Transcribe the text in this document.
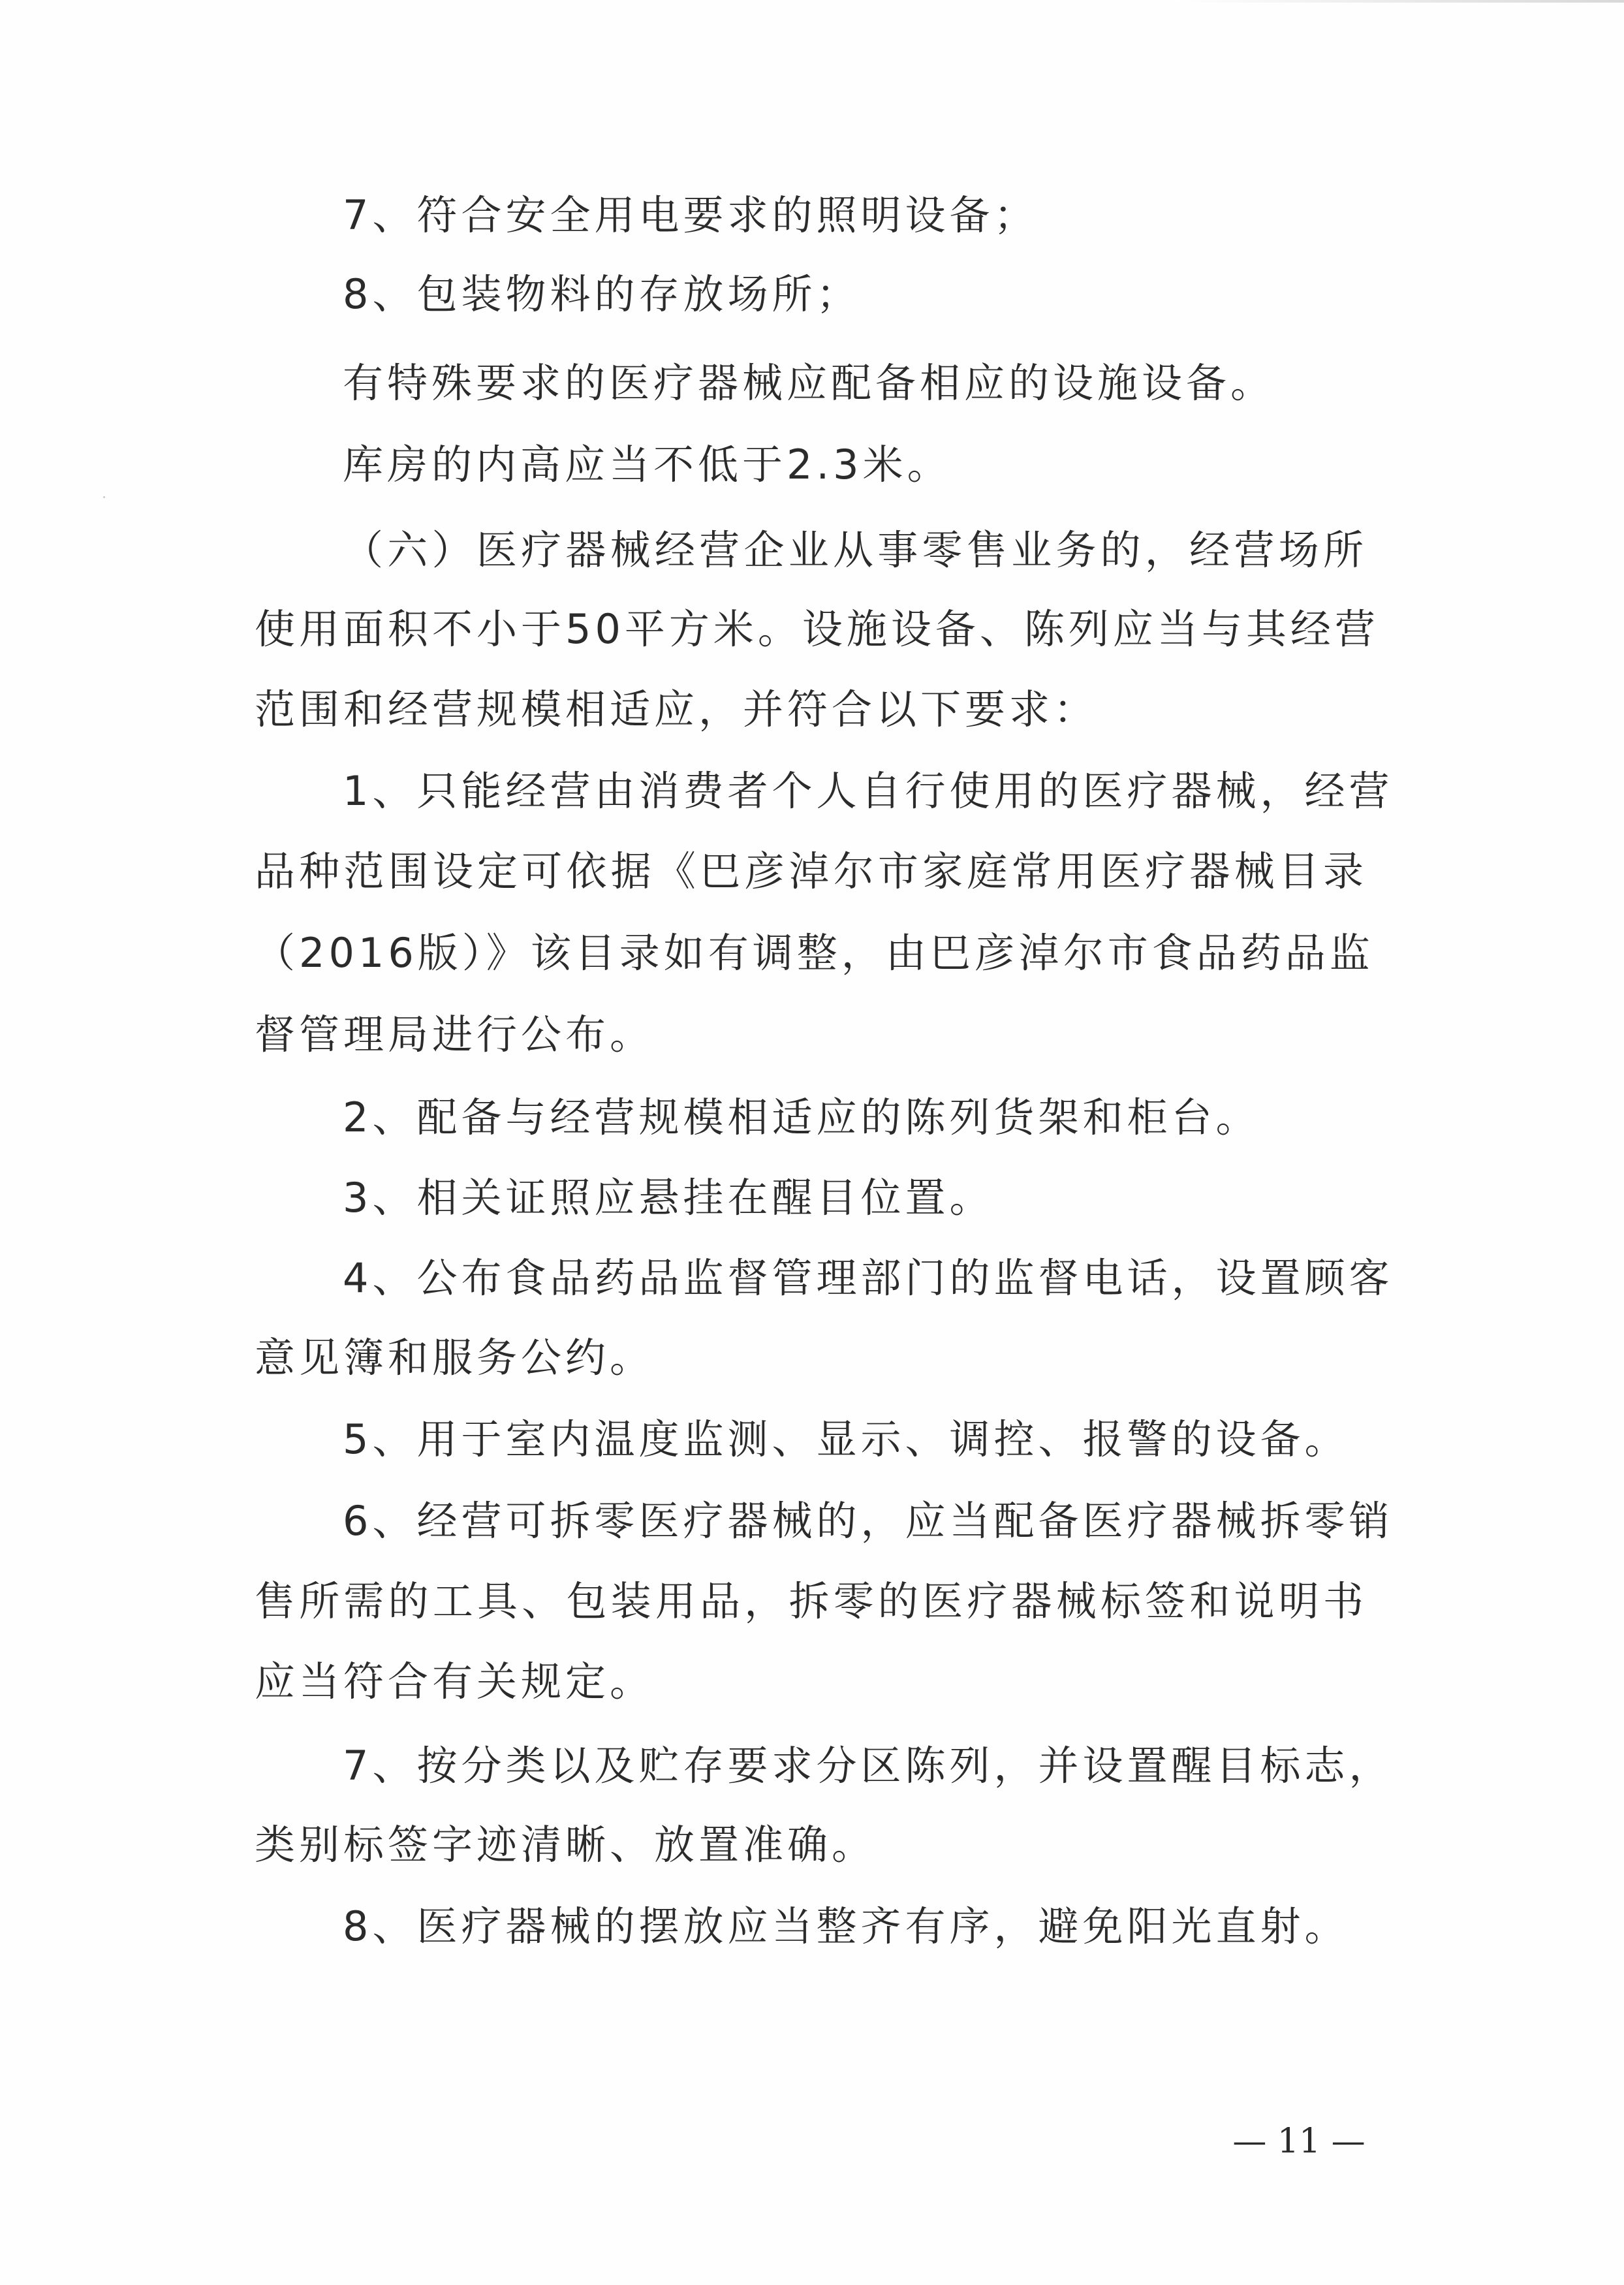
7、符合安全用电要求的照明设备；
8、包装物料的存放场所；
有特殊要求的医疗器械应配备相应的设施设备。
库房的内高应当不低于2.3米。
（六）医疗器械经营企业从事零售业务的，经营场所
使用面积不小于50平方米。设施设备、陈列应当与其经营
范围和经营规模相适应，并符合以下要求：
1、只能经营由消费者个人自行使用的医疗器械，经营
品种范围设定可依据《巴彦淖尔市家庭常用医疗器械目录
（2016版）》该目录如有调整，由巴彦淖尔市食品药品监
督管理局进行公布。
2、配备与经营规模相适应的陈列货架和柜台。
3、相关证照应悬挂在醒目位置。
4、公布食品药品监督管理部门的监督电话，设置顾客
意见簿和服务公约。
5、用于室内温度监测、显示、调控、报警的设备。
6、经营可拆零医疗器械的，应当配备医疗器械拆零销
售所需的工具、包装用品，拆零的医疗器械标签和说明书
应当符合有关规定。
7、按分类以及贮存要求分区陈列，并设置醒目标志，
类别标签字迹清晰、放置准确。
8、医疗器械的摆放应当整齐有序，避免阳光直射。
— 11 —
